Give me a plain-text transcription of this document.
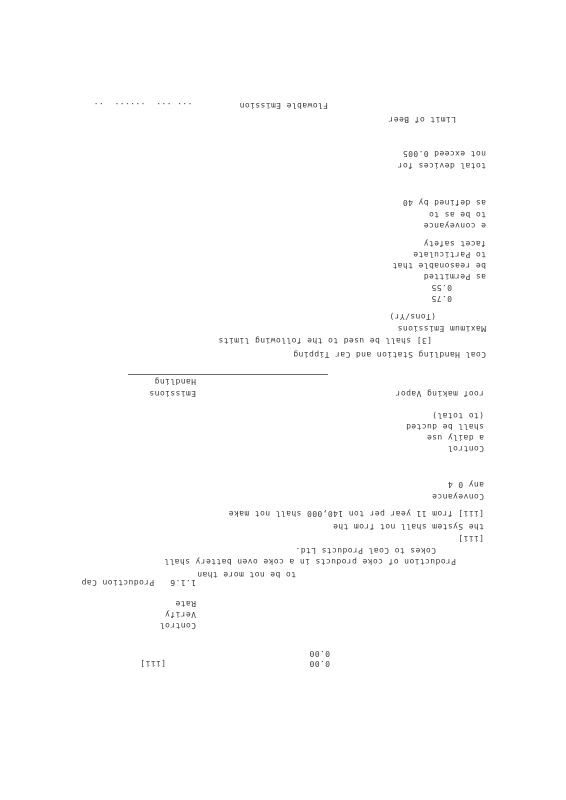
Flowable Emission         ... ...  ......  ..
Limit of Beer
not exceed 0.005
total devices for
as defined by 40
to be as to
e conveyance
facet safety
to Particulate
be reasonable that
as Permitted
0.55
0.75
(Tons/Yr)
Maximum Emissions
[3] shall be used to the following limits
Coal Handling Station and Car Tipping
Handling
roof making Vapor
Emissions
(to total)
shall be ducted
a daily use
Control
any 0 4
Conveyance
[iii] from 11 year per ton 140,000 shall not make
the System shall not from the
[iii]
Cokes to Coal Products Ltd.
Production of coke products in a coke oven battery shall
to be not more than
1.1.6   Production Cap
Rate
Verify
Control
[iii]
0.00
0.00
